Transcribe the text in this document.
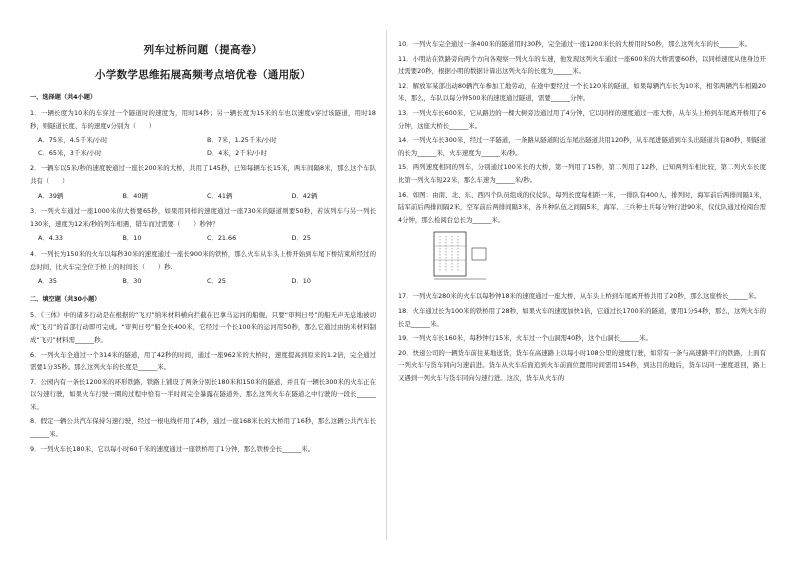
列车过桥问题（提高卷）
小学数学思维拓展高频考点培优卷（通用版）
一、选择题（共4小题）

1．一辆长度为10米的车穿过一个隧道时的速度为，用时14秒；另一辆长度为15米的车也以速度v穿过该隧道，用时18秒，则隧道长度、车的速度v分别为（　　）

A．75米，4.5千米/小时	B．7米，1.25千米/小时
C．65米，3千米/小时	D．4米，2千米/小时

2．一辆车以5米/秒的速度驶通过一座长200米的大桥，共用了145秒，已知每辆车长15米，两车间隔8米，那么这个车队共有（　　）

A．39辆	B．40辆	C．41辆	D．42辆

3．一列火车通过一座1000米的大桥要65秒，如果用同样的速度通过一座730米的隧道则要50秒，若该列车与另一列长130米，速度为12米/秒的列车相遇，错车而过需要（　　）秒钟？

A．4.33	B．10	C．21.66	D．25

4．一列长为150米的火车以每秒30米的速度通过一座长900米的铁桥，那么火车从车头上桥开始到车尾下桥结束所经过的总时间，比火车完全位于桥上的时间长（　　）秒.

A．35	B．30	C．25	D．10
二、填空题（共30小题）

5．《三体》中的诸多行动是在根据的“飞刃”纳米材料横向拦截在巴拿马运河的船舰，只要“审判日号”的船无声无息地被切成“飞刃”的首部行动即可完成。“审判日号”船全长400米，它经过一个长100米的运河用50秒，那么它通过由纳米材料制成“飞刃”材料需______秒。

6．一列火车全通过一个314米的隧道，用了42秒的时间，通过一座962米的大桥时，速度提高到原来的1.2倍，完全通过需要1分35秒。那么这列火车的长度是______米。

7．公园内有一条长1200米的环形铁路，铁路上铺设了两条分别长180米和150米的隧道，并且有一辆长300米的火车正在以匀速行驶，如果火车行驶一圈的过程中恰有一半时间完全暴露在隧道外，那么这列火车在隧道之中行驶的一段长______米。

8．假定一辆公共汽车保持匀速行驶，经过一根电线杆用了4秒，通过一座168米长的大桥用了16秒，那么这辆公共汽车长______米。

9．一列火车长180米，它以每小时60千米的速度通过一座铁桥用了1分钟，那么铁桥全长______米。

10．一列火车完全通过一条400米的隧道用时30秒，完全通过一座1200米长的大桥用时50秒，那么这列火车的长______米。

11．小明站在铁路旁向两个方向各观察一列火车的车速，他发现这列火车通过一座600米的大桥需要60秒，以同样速度从他身边开过需要20秒，根据小明的数据计算出这列火车的长度为______米。

12．解放军某部出动80辆汽车参加工地劳动，在途中要经过一个长120米的隧道，如果每辆汽车长为10米，相邻两辆汽车相隔20米，那么，车队以每分钟500米的速度通过隧道，需要______分钟。

13．一列火车长600米，它从路边的一棵大树旁边通过用了4分钟，它以同样的速度通过一座大桥，从车头上桥到车尾离开桥用了6分钟，这座大桥长______米。

14．一列火车长300米，经过一平隧道，一条路从隧道附近车尾出隧道共用120秒，从车尾进隧道到车头出隧道共有80秒，则隧道的长为______米，火车速度为______米/秒。

15．两列速度相同的列车，分别通过100米长的大桥，第一列用了15秒，第二列用了12秒，已知两列车相比较，第二列火车长度比第一列火车短22米，那么车速为______米/秒。

16．如图：由南、北、东、西四个队员组成的仪仗队，每列长度每相距一米，一排队有400人，排列时，海军前后两排间隔1米，陆军前后两排间隔2米，空军前后两排间隔3米，各兵种队伍之间隔5米，海军、三兵种士兵每分钟行进90米，仪仗队通过检阅台需4分钟，那么检阅台总长为______米。

17．一列火车280米的火车以每秒钟18米的速度通过一座大桥，从车头上桥到车尾离开桥共用了20秒，那么这座桥长______米。

18．火车通过长为100米的铁桥用了28秒，如果火车的速度加快1倍，它通过长1700米的隧道，要用1分54秒，那么，这列火车的长是______米。

19．一列火车长160米，每秒钟行15米，火车过一个山洞需40秒，这个山洞长______米。

20．快递公司的一辆货车前往某地送货，货车在高速路上以每小时108公里的速度行驶，如常有一条与高速路平行的铁路，上面有一列火车与货车同向匀速前进。货车从火车后面追到火车前面位置用时间需用154秒，到达目的地后，货车以同一速度返回，路上又遇到一列火车与货车同向匀速行进。这次，货车从火车的
